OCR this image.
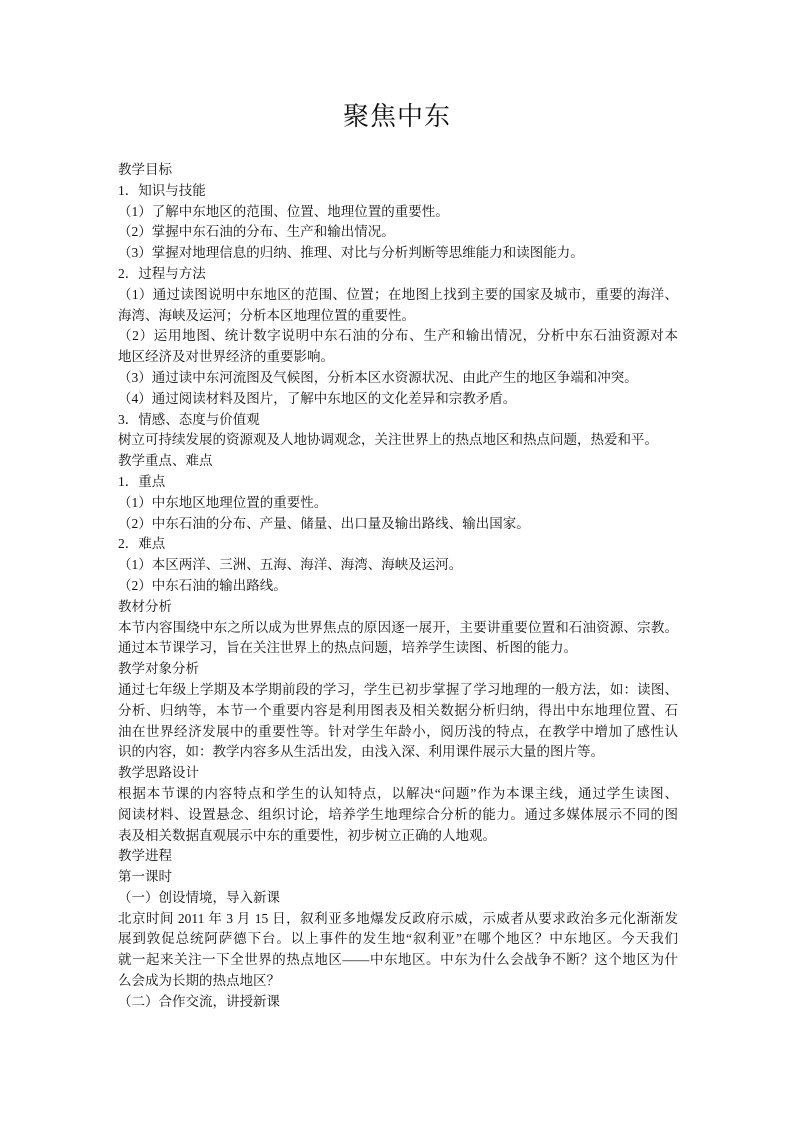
聚焦中东
教学目标
1．知识与技能
（1）了解中东地区的范围、位置、地理位置的重要性。
（2）掌握中东石油的分布、生产和输出情况。
（3）掌握对地理信息的归纳、推理、对比与分析判断等思维能力和读图能力。
2．过程与方法
（1）通过读图说明中东地区的范围、位置；在地图上找到主要的国家及城市，重要的海洋、
海湾、海峡及运河；分析本区地理位置的重要性。
（2）运用地图、统计数字说明中东石油的分布、生产和输出情况，分析中东石油资源对本
地区经济及对世界经济的重要影响。
（3）通过读中东河流图及气候图，分析本区水资源状况、由此产生的地区争端和冲突。
（4）通过阅读材料及图片，了解中东地区的文化差异和宗教矛盾。
3．情感、态度与价值观
树立可持续发展的资源观及人地协调观念，关注世界上的热点地区和热点问题，热爱和平。
教学重点、难点
1．重点
（1）中东地区地理位置的重要性。
（2）中东石油的分布、产量、储量、出口量及输出路线、输出国家。
2．难点
（1）本区两洋、三洲、五海、海洋、海湾、海峡及运河。
（2）中东石油的输出路线。
教材分析
本节内容围绕中东之所以成为世界焦点的原因逐一展开，主要讲重要位置和石油资源、宗教。
通过本节课学习，旨在关注世界上的热点问题，培养学生读图、析图的能力。
教学对象分析
通过七年级上学期及本学期前段的学习，学生已初步掌握了学习地理的一般方法，如：读图、
分析、归纳等，本节一个重要内容是利用图表及相关数据分析归纳，得出中东地理位置、石
油在世界经济发展中的重要性等。针对学生年龄小，阅历浅的特点，在教学中增加了感性认
识的内容，如：教学内容多从生活出发，由浅入深、利用课件展示大量的图片等。
教学思路设计
根据本节课的内容特点和学生的认知特点，以解决“问题”作为本课主线，通过学生读图、
阅读材料、设置悬念、组织讨论，培养学生地理综合分析的能力。通过多媒体展示不同的图
表及相关数据直观展示中东的重要性，初步树立正确的人地观。
教学进程
第一课时
（一）创设情境，导入新课
北京时间 2011 年 3 月 15 日，叙利亚多地爆发反政府示威，示威者从要求政治多元化渐渐发
展到敦促总统阿萨德下台。以上事件的发生地“叙利亚”在哪个地区？中东地区。今天我们
就一起来关注一下全世界的热点地区——中东地区。中东为什么会战争不断？这个地区为什
么会成为长期的热点地区？
（二）合作交流，讲授新课
